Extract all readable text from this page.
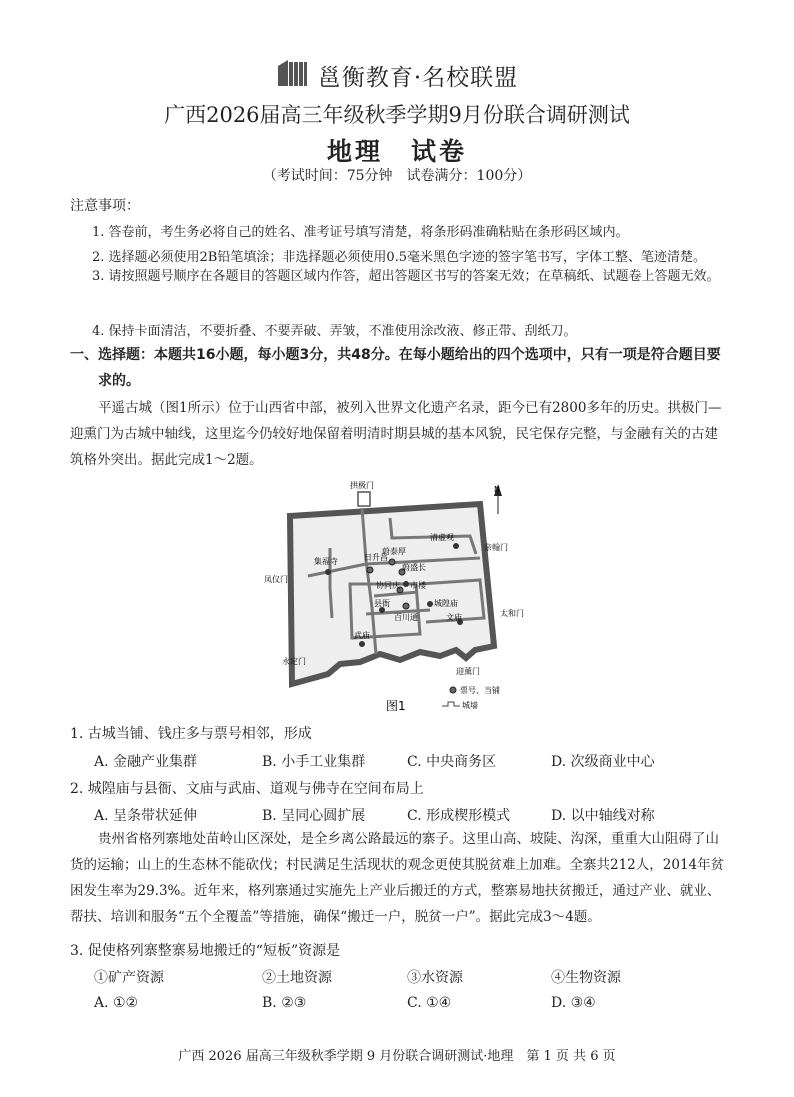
邕衡教育·名校联盟
广西2026届高三年级秋季学期9月份联合调研测试
地理　试卷
（考试时间：75分钟　试卷满分：100分）
注意事项：
1. 答卷前，考生务必将自己的姓名、准考证号填写清楚，将条形码准确粘贴在条形码区域内。
2. 选择题必须使用2B铅笔填涂；非选择题必须使用0.5毫米黑色字迹的签字笔书写，字体工整、笔迹清楚。
3. 请按照题号顺序在各题目的答题区域内作答，超出答题区书写的答案无效；在草稿纸、试题卷上答题无效。
4. 保持卡面清洁，不要折叠、不要弄破、弄皱，不准使用涂改液、修正带、刮纸刀。
一、选择题：本题共16小题，每小题3分，共48分。在每小题给出的四个选项中，只有一项是符合题目要
求的。
平遥古城（图1所示）位于山西省中部，被列入世界文化遗产名录，距今已有2800多年的历史。拱极门—迎熏门为古城中轴线，这里迄今仍较好地保留着明清时期县城的基本风貌，民宅保存完整，与金融有关的古建筑格外突出。据此完成1～2题。
N
拱极门
亲翰门
太和门
凤仪门
永定门
迎薰门
清虚观
集福寺	日升昌
蔚泰厚
蔚盛长
协同庆 市楼
县衙	城隍庙
百川通	文庙
武庙
票号、当铺
城墙
图1
1. 古城当铺、钱庄多与票号相邻，形成
A. 金融产业集群	B. 小手工业集群	C. 中央商务区	D. 次级商业中心
2. 城隍庙与县衙、文庙与武庙、道观与佛寺在空间布局上
A. 呈条带状延伸	B. 呈同心圆扩展	C. 形成楔形模式	D. 以中轴线对称
贵州省格列寨地处苗岭山区深处，是全乡离公路最远的寨子。这里山高、坡陡、沟深，重重大山阻碍了山货的运输；山上的生态林不能砍伐；村民满足生活现状的观念更使其脱贫难上加难。全寨共212人，2014年贫困发生率为29.3%。近年来，格列寨通过实施先上产业后搬迁的方式，整寨易地扶贫搬迁，通过产业、就业、帮扶、培训和服务“五个全覆盖”等措施，确保“搬迁一户，脱贫一户”。据此完成3～4题。
3. 促使格列寨整寨易地搬迁的“短板”资源是
①矿产资源	②土地资源	③水资源	④生物资源
A. ①②	B. ②③	C. ①④	D. ③④
广西 2026 届高三年级秋季学期 9 月份联合调研测试·地理　第 1 页 共 6 页
